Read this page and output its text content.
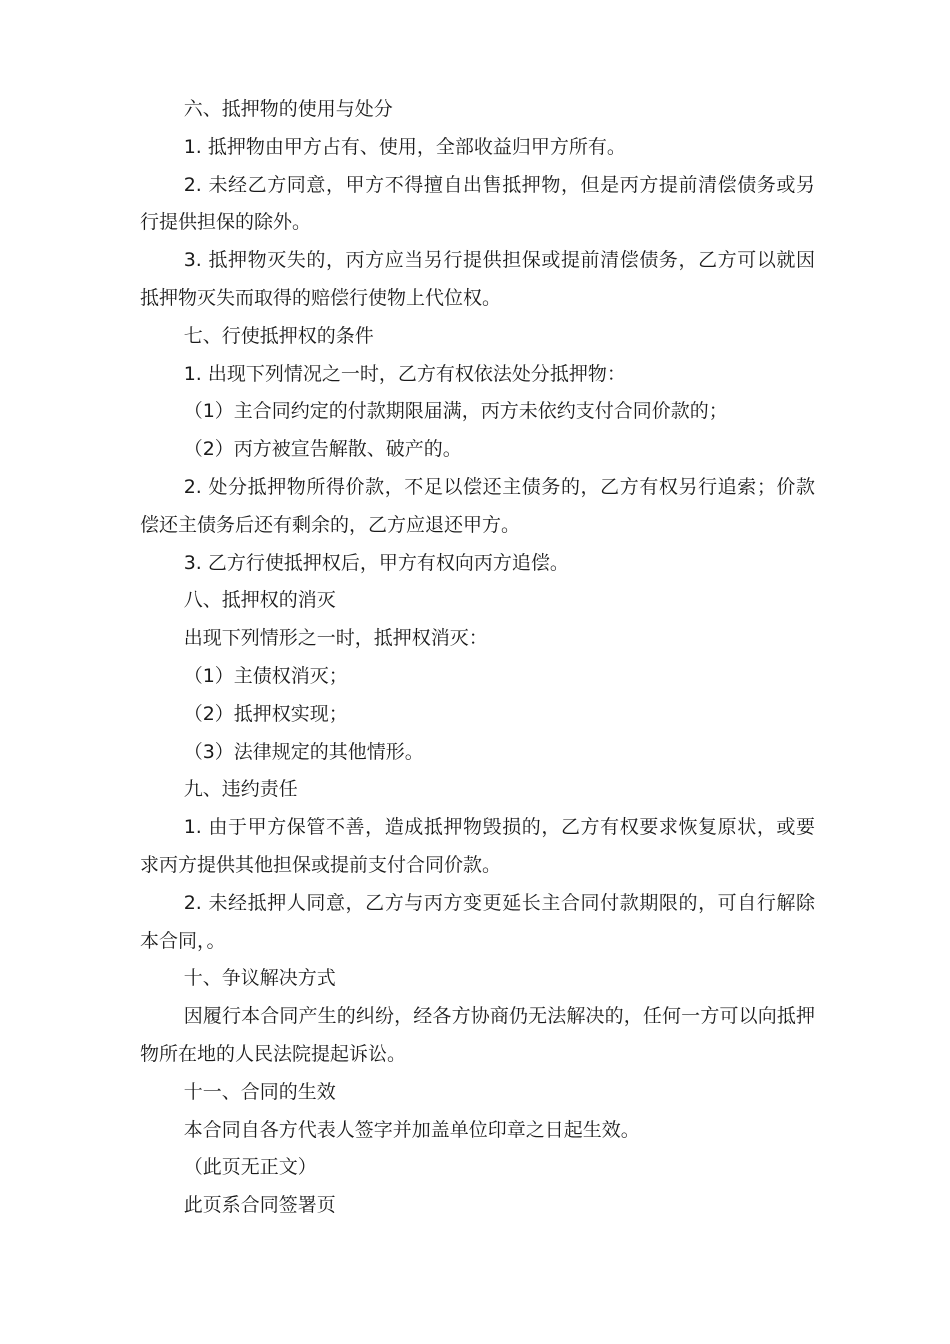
六、抵押物的使用与处分

1. 抵押物由甲方占有、使用，全部收益归甲方所有。

2. 未经乙方同意，甲方不得擅自出售抵押物，但是丙方提前清偿债务或另行提供担保的除外。

3. 抵押物灭失的，丙方应当另行提供担保或提前清偿债务，乙方可以就因抵押物灭失而取得的赔偿行使物上代位权。

七、行使抵押权的条件

1. 出现下列情况之一时，乙方有权依法处分抵押物：

（1）主合同约定的付款期限届满，丙方未依约支付合同价款的；

（2）丙方被宣告解散、破产的。

2. 处分抵押物所得价款，不足以偿还主债务的，乙方有权另行追索；价款偿还主债务后还有剩余的，乙方应退还甲方。

3. 乙方行使抵押权后，甲方有权向丙方追偿。

八、抵押权的消灭

出现下列情形之一时，抵押权消灭：

（1）主债权消灭；

（2）抵押权实现；

（3）法律规定的其他情形。

九、违约责任

1. 由于甲方保管不善，造成抵押物毁损的，乙方有权要求恢复原状，或要求丙方提供其他担保或提前支付合同价款。

2. 未经抵押人同意，乙方与丙方变更延长主合同付款期限的，可自行解除本合同，。

十、争议解决方式

因履行本合同产生的纠纷，经各方协商仍无法解决的，任何一方可以向抵押物所在地的人民法院提起诉讼。

十一、合同的生效

本合同自各方代表人签字并加盖单位印章之日起生效。

（此页无正文）

此页系合同签署页
